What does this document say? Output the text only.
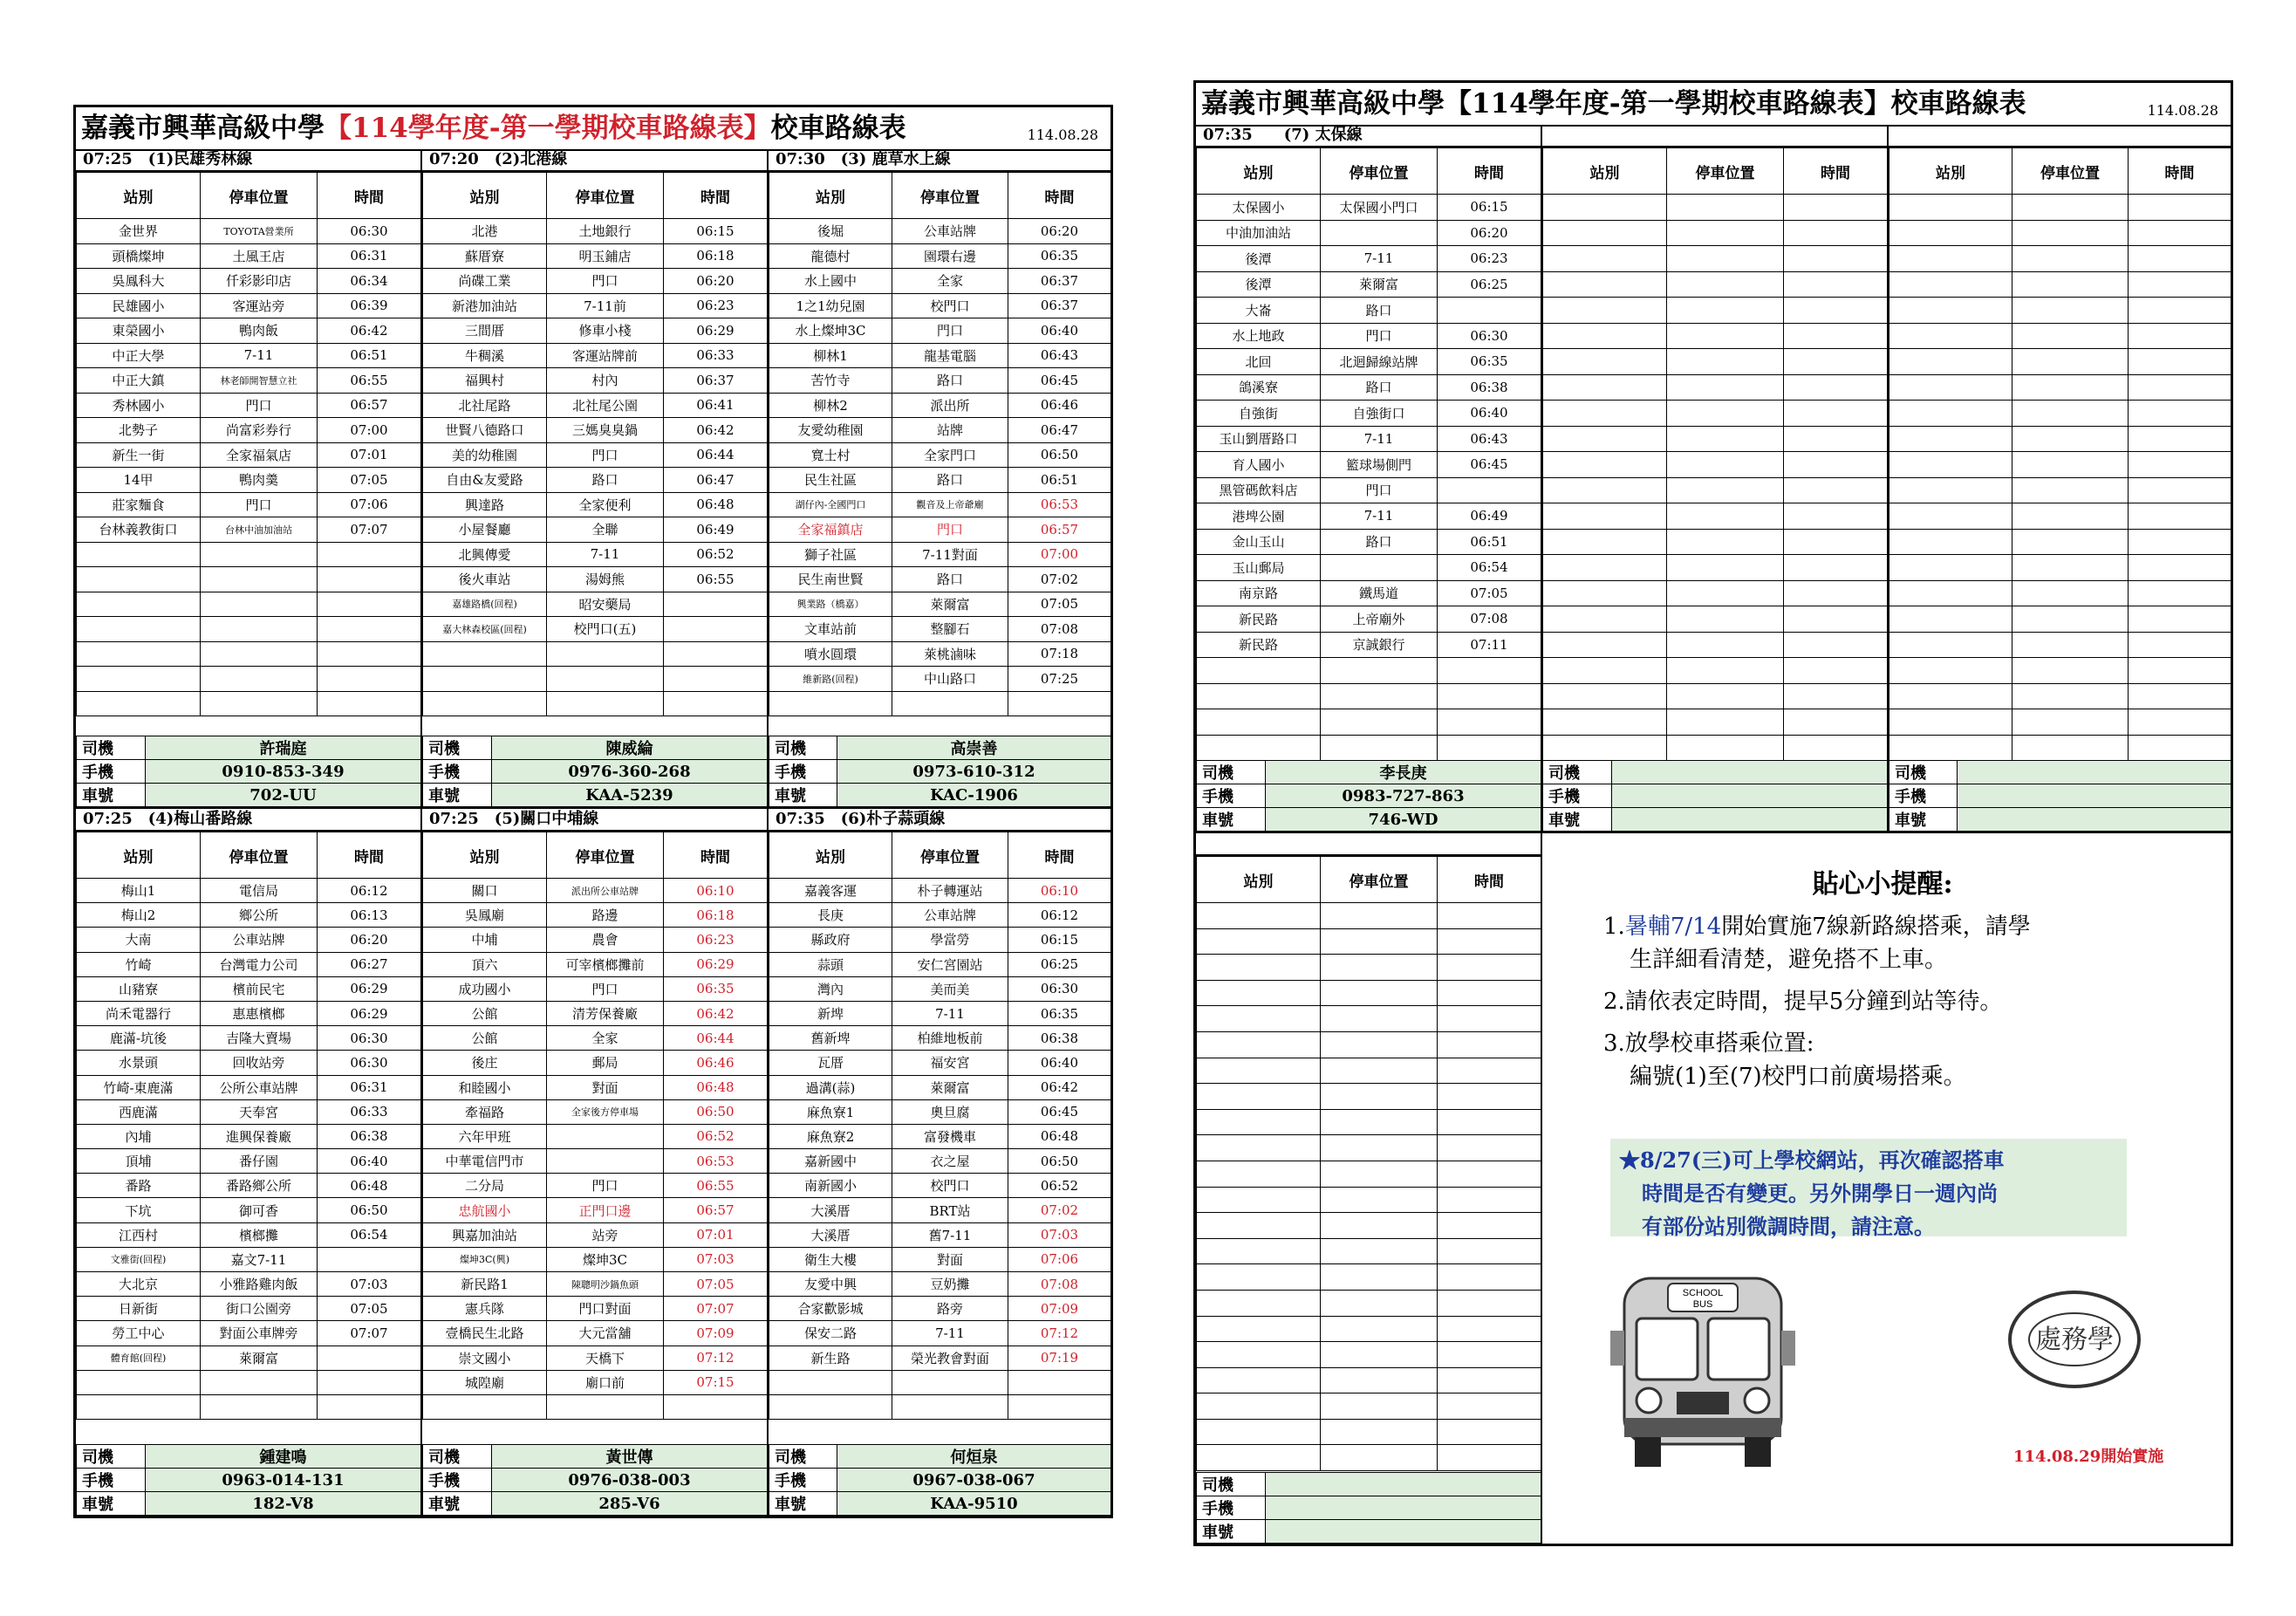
嘉義市興華高級中學【114學年度-第一學期校車路線表】校車路線表	114.08.28
07:25　(1)民雄秀林線
站別	停車位置	時間
金世界	TOYOTA營業所	06:30
頭橋燦坤	土風王店	06:31
吳鳳科大	仟彩影印店	06:34
民雄國小	客運站旁	06:39
東榮國小	鴨肉飯	06:42
中正大學	7-11	06:51
中正大鎮	林老師開智慧立社	06:55
秀林國小	門口	06:57
北勢子	尚富彩券行	07:00
新生一街	全家福氣店	07:01
14甲	鴨肉羹	07:05
莊家麵食	門口	07:06
台林義教街口	台林中油加油站	07:07

司機	許瑞庭
手機	0910-853-349
車號	702-UU
07:20　(2)北港線
站別	停車位置	時間
北港	土地銀行	06:15
蘇厝寮	明玉鋪店	06:18
尚碟工業	門口	06:20
新港加油站	7-11前	06:23
三間厝	修車小棧	06:29
牛稠溪	客運站牌前	06:33
福興村	村內	06:37
北社尾路	北社尾公園	06:41
世賢八德路口	三媽臭臭鍋	06:42
美的幼稚園	門口	06:44
自由&友愛路	路口	06:47
興達路	全家便利	06:48
小屋餐廳	全聯	06:49
北興傳愛	7-11	06:52
後火車站	湯姆熊	06:55
嘉雄路橋(回程)	昭安藥局	
嘉大林森校區(回程)	校門口(五)	

司機	陳威綸
手機	0976-360-268
車號	KAA-5239
07:30　(3) 鹿草水上線
站別	停車位置	時間
後堀	公車站牌	06:20
龍德村	園環右邊	06:35
水上國中	全家	06:37
1之1幼兒園	校門口	06:37
水上燦坤3C	門口	06:40
柳林1	龍基電腦	06:43
苦竹寺	路口	06:45
柳林2	派出所	06:46
友愛幼稚園	站牌	06:47
寬士村	全家門口	06:50
民生社區	路口	06:51
湖仔內-全國門口	觀音及上帝爺廟	06:53
全家福鎮店	門口	06:57
獅子社區	7-11對面	07:00
民生南世賢	路口	07:02
興業路（橋嘉）	萊爾富	07:05
文車站前	整腳石	07:08
噴水圓環	萊桃滷味	07:18
維新路(回程)	中山路口	07:25

司機	高崇善
手機	0973-610-312
車號	KAC-1906
07:25　(4)梅山番路線
站別	停車位置	時間
梅山1	電信局	06:12
梅山2	鄉公所	06:13
大南	公車站牌	06:20
竹崎	台灣電力公司	06:27
山豬寮	檳前民宅	06:29
尚禾電器行	惠惠檳榔	06:29
鹿滿-坑後	吉隆大賣場	06:30
水景頭	回收站旁	06:30
竹崎-東鹿滿	公所公車站牌	06:31
西鹿滿	天奉宮	06:33
內埔	進興保養廠	06:38
頂埔	番仔園	06:40
番路	番路鄉公所	06:48
下坑	御可香	06:50
江西村	檳榔攤	06:54
文雅街(回程)	嘉文7-11	
大北京	小雅路雞肉飯	07:03
日新街	街口公園旁	07:05
勞工中心	對面公車牌旁	07:07
體育館(回程)	萊爾富	

司機	鍾建鳴
手機	0963-014-131
車號	182-V8
07:25　(5)關口中埔線
站別	停車位置	時間
關口	派出所公車站牌	06:10
吳鳳廟	路邊	06:18
中埔	農會	06:23
頂六	可宰檳榔攤前	06:29
成功國小	門口	06:35
公館	清芳保養廠	06:42
公館	全家	06:44
後庄	郵局	06:46
和睦國小	對面	06:48
牽福路	全家後方停車場	06:50
六年甲班		06:52
中華電信門市		06:53
二分局	門口	06:55
忠航國小	正門口邊	06:57
興嘉加油站	站旁	07:01
燦坤3C(興)	燦坤3C	07:03
新民路1	陳聰明沙鍋魚頭	07:05
憲兵隊	門口對面	07:07
壹橋民生北路	大元當舖	07:09
崇文國小	天橋下	07:12
城隍廟	廟口前	07:15

司機	黃世傳
手機	0976-038-003
車號	285-V6
07:35　(6)朴子蒜頭線
站別	停車位置	時間
嘉義客運	朴子轉運站	06:10
長庚	公車站牌	06:12
縣政府	學當勞	06:15
蒜頭	安仁宮園站	06:25
灣內	美而美	06:30
新埤	7-11	06:35
舊新埤	柏維地板前	06:38
瓦厝	福安宮	06:40
過溝(蒜)	萊爾富	06:42
麻魚寮1	奧旦腐	06:45
麻魚寮2	富發機車	06:48
嘉新國中	衣之屋	06:50
南新國小	校門口	06:52
大溪厝	BRT站	07:02
大溪厝	舊7-11	07:03
衛生大樓	對面	07:06
友愛中興	豆奶攤	07:08
合家歡影城	路旁	07:09
保安二路	7-11	07:12
新生路	榮光教會對面	07:19

司機	何烜泉
手機	0967-038-067
車號	KAA-9510
嘉義市興華高級中學【114學年度-第一學期校車路線表】校車路線表	114.08.28
07:35　　(7) 太保線
站別	停車位置	時間
太保國小	太保國小門口	06:15
中油加油站		06:20
後潭	7-11	06:23
後潭	萊爾富	06:25
大崙	路口	
水上地政	門口	06:30
北回	北迴歸線站牌	06:35
鴿溪寮	路口	06:38
自強街	自強街口	06:40
玉山劉厝路口	7-11	06:43
育人國小	籃球場側門	06:45
黑管碼飲料店	門口	
港埤公園	7-11	06:49
金山玉山	路口	06:51
玉山郵局		06:54
南京路	鐵馬道	07:05
新民路	上帝廟外	07:08
新民路	京誠銀行	07:11

司機	李長庚
手機	0983-727-863
車號	746-WD
站別	停車位置	時間

司機	
手機	
車號	
站別	停車位置	時間

司機	
手機	
車號	
站別	停車位置	時間

司機	
手機	
車號	
貼心小提醒:
1.暑輔7/14開始實施7線新路線搭乘，請學
生詳細看清楚，避免搭不上車。
2.請依表定時間，提早5分鐘到站等待。
3.放學校車搭乘位置:
編號(1)至(7)校門口前廣場搭乘。
★8/27(三)可上學校網站，再次確認搭車
時間是否有變更。另外開學日一週內尚
有部份站別微調時間，請注意。
SCHOOL
BUS
處務學
114.08.29開始實施
